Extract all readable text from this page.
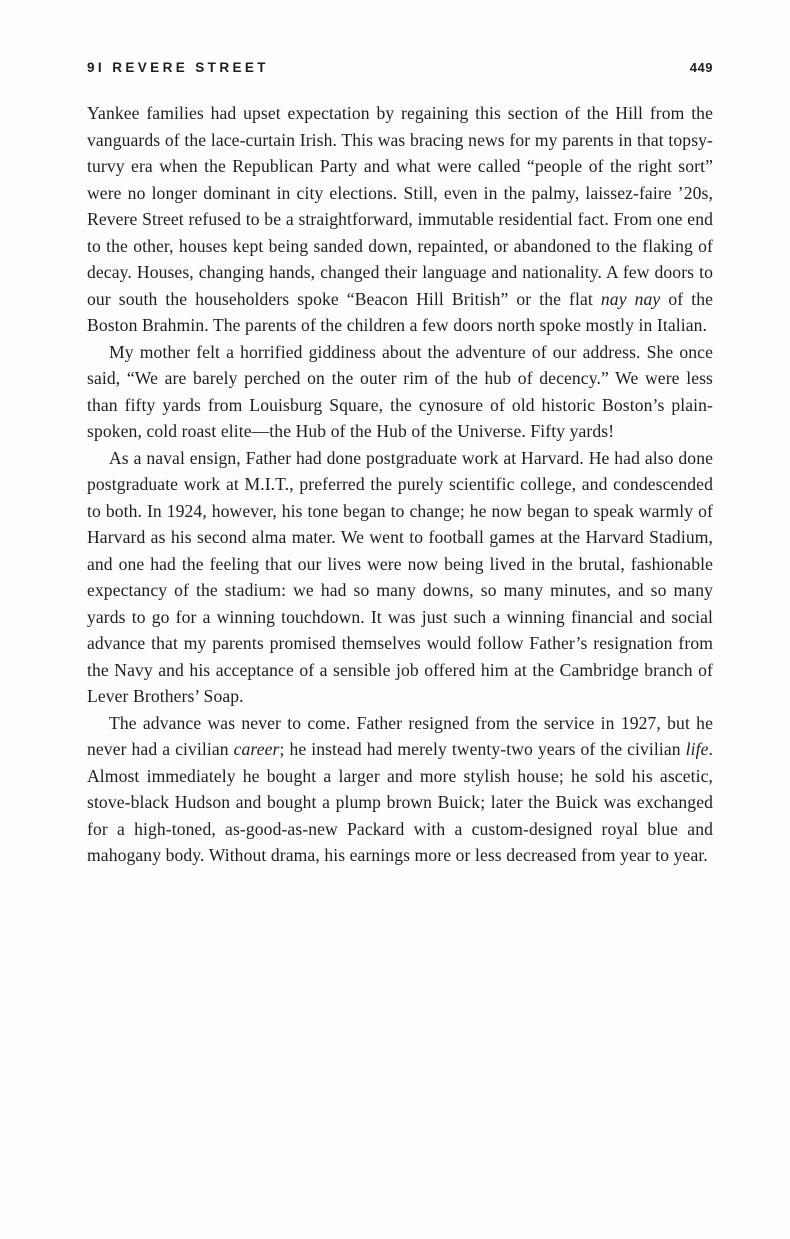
9I REVERE STREET	449

Yankee families had upset expectation by regaining this section of the Hill from the vanguards of the lace-curtain Irish. This was bracing news for my parents in that topsy-turvy era when the Republican Party and what were called “people of the right sort” were no longer dominant in city elections. Still, even in the palmy, laissez-faire ’20s, Revere Street refused to be a straightforward, immutable residential fact. From one end to the other, houses kept being sanded down, repainted, or abandoned to the flaking of decay. Houses, changing hands, changed their language and nationality. A few doors to our south the householders spoke “Beacon Hill British” or the flat nay nay of the Boston Brahmin. The parents of the children a few doors north spoke mostly in Italian.

My mother felt a horrified giddiness about the adventure of our address. She once said, “We are barely perched on the outer rim of the hub of decency.” We were less than fifty yards from Louisburg Square, the cynosure of old historic Boston’s plain-spoken, cold roast elite—the Hub of the Hub of the Universe. Fifty yards!

As a naval ensign, Father had done postgraduate work at Harvard. He had also done postgraduate work at M.I.T., preferred the purely scientific college, and condescended to both. In 1924, however, his tone began to change; he now began to speak warmly of Harvard as his second alma mater. We went to football games at the Harvard Stadium, and one had the feeling that our lives were now being lived in the brutal, fashionable expectancy of the stadium: we had so many downs, so many minutes, and so many yards to go for a winning touchdown. It was just such a winning financial and social advance that my parents promised themselves would follow Father’s resignation from the Navy and his acceptance of a sensible job offered him at the Cambridge branch of Lever Brothers’ Soap.

The advance was never to come. Father resigned from the service in 1927, but he never had a civilian career; he instead had merely twenty-two years of the civilian life. Almost immediately he bought a larger and more stylish house; he sold his ascetic, stove-black Hudson and bought a plump brown Buick; later the Buick was exchanged for a high-toned, as-good-as-new Packard with a custom-designed royal blue and mahogany body. Without drama, his earnings more or less decreased from year to year.
